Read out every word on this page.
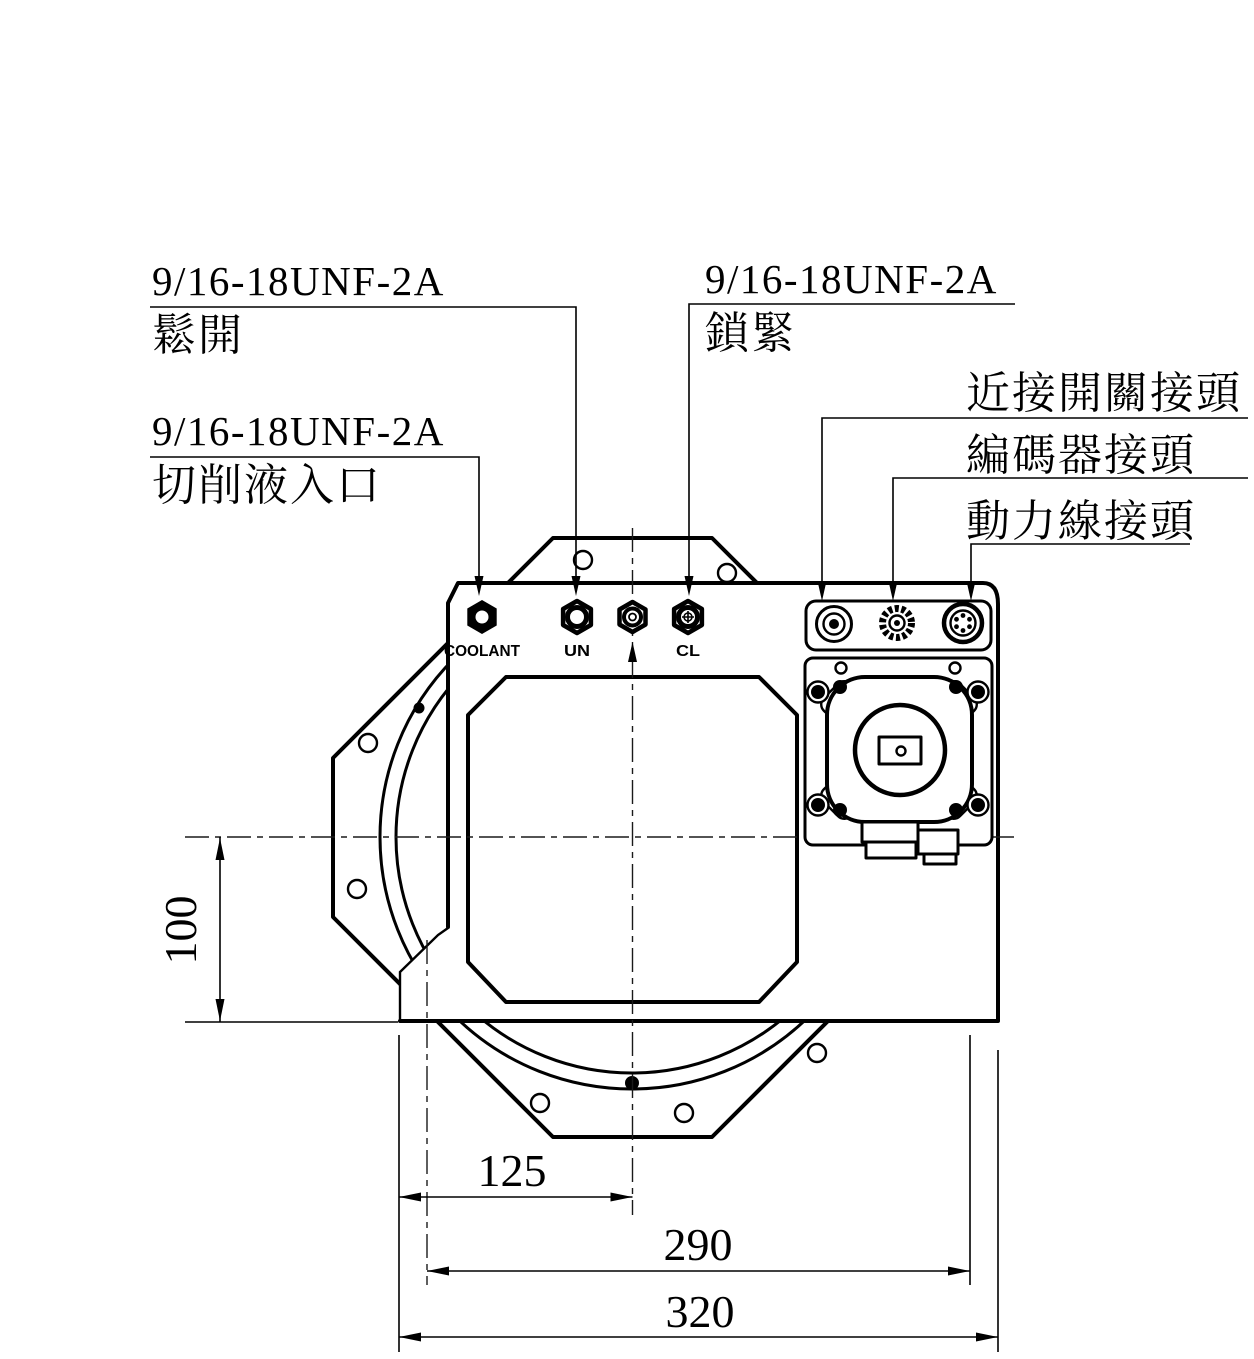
COOLANT	UN	CL
9/16-18UNF-2A
鬆開
9/16-18UNF-2A
鎖緊
9/16-18UNF-2A
切削液入口
近接開關接頭
編碼器接頭
動力線接頭
100
125
290
320
